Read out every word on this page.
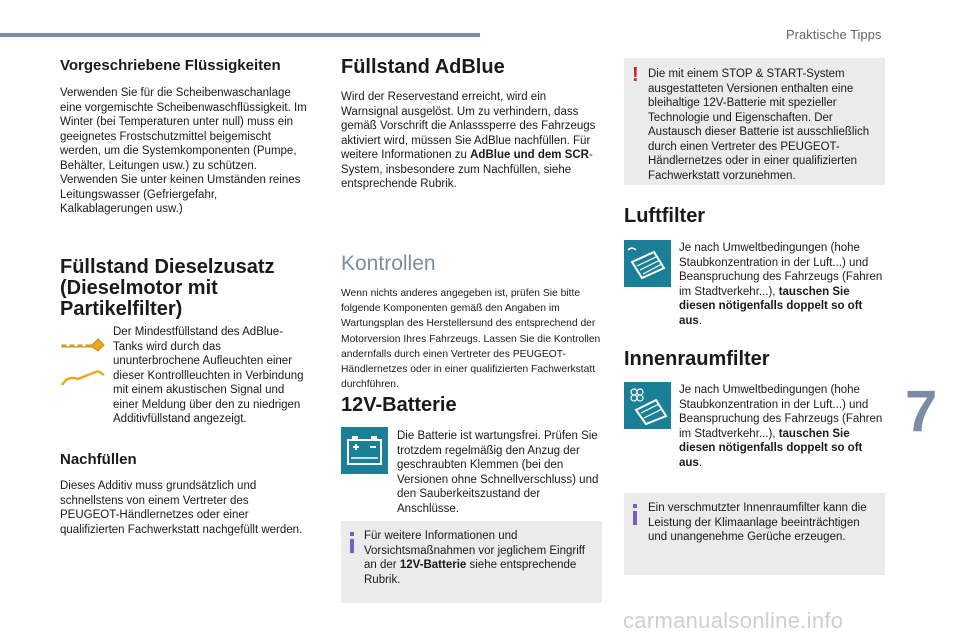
Praktische Tipps
Vorgeschriebene Flüssigkeiten

Verwenden Sie für die Scheibenwaschanlage eine vorgemischte Scheibenwaschflüssigkeit. Im Winter (bei Temperaturen unter null) muss ein geeignetes Frostschutzmittel beigemischt werden, um die Systemkomponenten (Pumpe, Behälter, Leitungen usw.) zu schützen. Verwenden Sie unter keinen Umständen reines Leitungswasser (Gefriergefahr, Kalkablagerungen usw.)

Füllstand Dieselzusatz (Dieselmotor mit Partikelfilter)

Der Mindestfüllstand des AdBlue-Tanks wird durch das ununterbrochene Aufleuchten einer dieser Kontrollleuchten in Verbindung mit einem akustischen Signal und einer Meldung über den zu niedrigen Additivfüllstand angezeigt.

Nachfüllen

Dieses Additiv muss grundsätzlich und schnellstens von einem Vertreter des PEUGEOT-Händlernetzes oder einer qualifizierten Fachwerkstatt nachgefüllt werden.

Füllstand AdBlue

Wird der Reservestand erreicht, wird ein Warnsignal ausgelöst. Um zu verhindern, dass gemäß Vorschrift die Anlasssperre des Fahrzeugs aktiviert wird, müssen Sie AdBlue nachfüllen. Für weitere Informationen zu AdBlue und dem SCR-System, insbesondere zum Nachfüllen, siehe entsprechende Rubrik.

Kontrollen

Wenn nichts anderes angegeben ist, prüfen Sie bitte folgende Komponenten gemäß den Angaben im Wartungsplan des Herstellersund des entsprechend der Motorversion Ihres Fahrzeugs. Lassen Sie die Kontrollen andernfalls durch einen Vertreter des PEUGEOT-Händlernetzes oder in einer qualifizierten Fachwerkstatt durchführen.

12V-Batterie

Die Batterie ist wartungsfrei. Prüfen Sie trotzdem regelmäßig den Anzug der geschraubten Klemmen (bei den Versionen ohne Schnellverschluss) und den Sauberkeitszustand der Anschlüsse.

Für weitere Informationen und Vorsichtsmaßnahmen vor jeglichem Eingriff an der 12V-Batterie siehe entsprechende Rubrik.

! Die mit einem STOP & START-System ausgestatteten Versionen enthalten eine bleihaltige 12V-Batterie mit spezieller Technologie und Eigenschaften. Der Austausch dieser Batterie ist ausschließlich durch einen Vertreter des PEUGEOT-Händlernetzes oder in einer qualifizierten Fachwerkstatt vorzunehmen.

Luftfilter

Je nach Umweltbedingungen (hohe Staubkonzentration in der Luft...) und Beanspruchung des Fahrzeugs (Fahren im Stadtverkehr...), tauschen Sie diesen nötigenfalls doppelt so oft aus.

Innenraumfilter

Je nach Umweltbedingungen (hohe Staubkonzentration in der Luft...) und Beanspruchung des Fahrzeugs (Fahren im Stadtverkehr...), tauschen Sie diesen nötigenfalls doppelt so oft aus.

Ein verschmutzter Innenraumfilter kann die Leistung der Klimaanlage beeinträchtigen und unangenehme Gerüche erzeugen.

7
carmanualsonline.info
